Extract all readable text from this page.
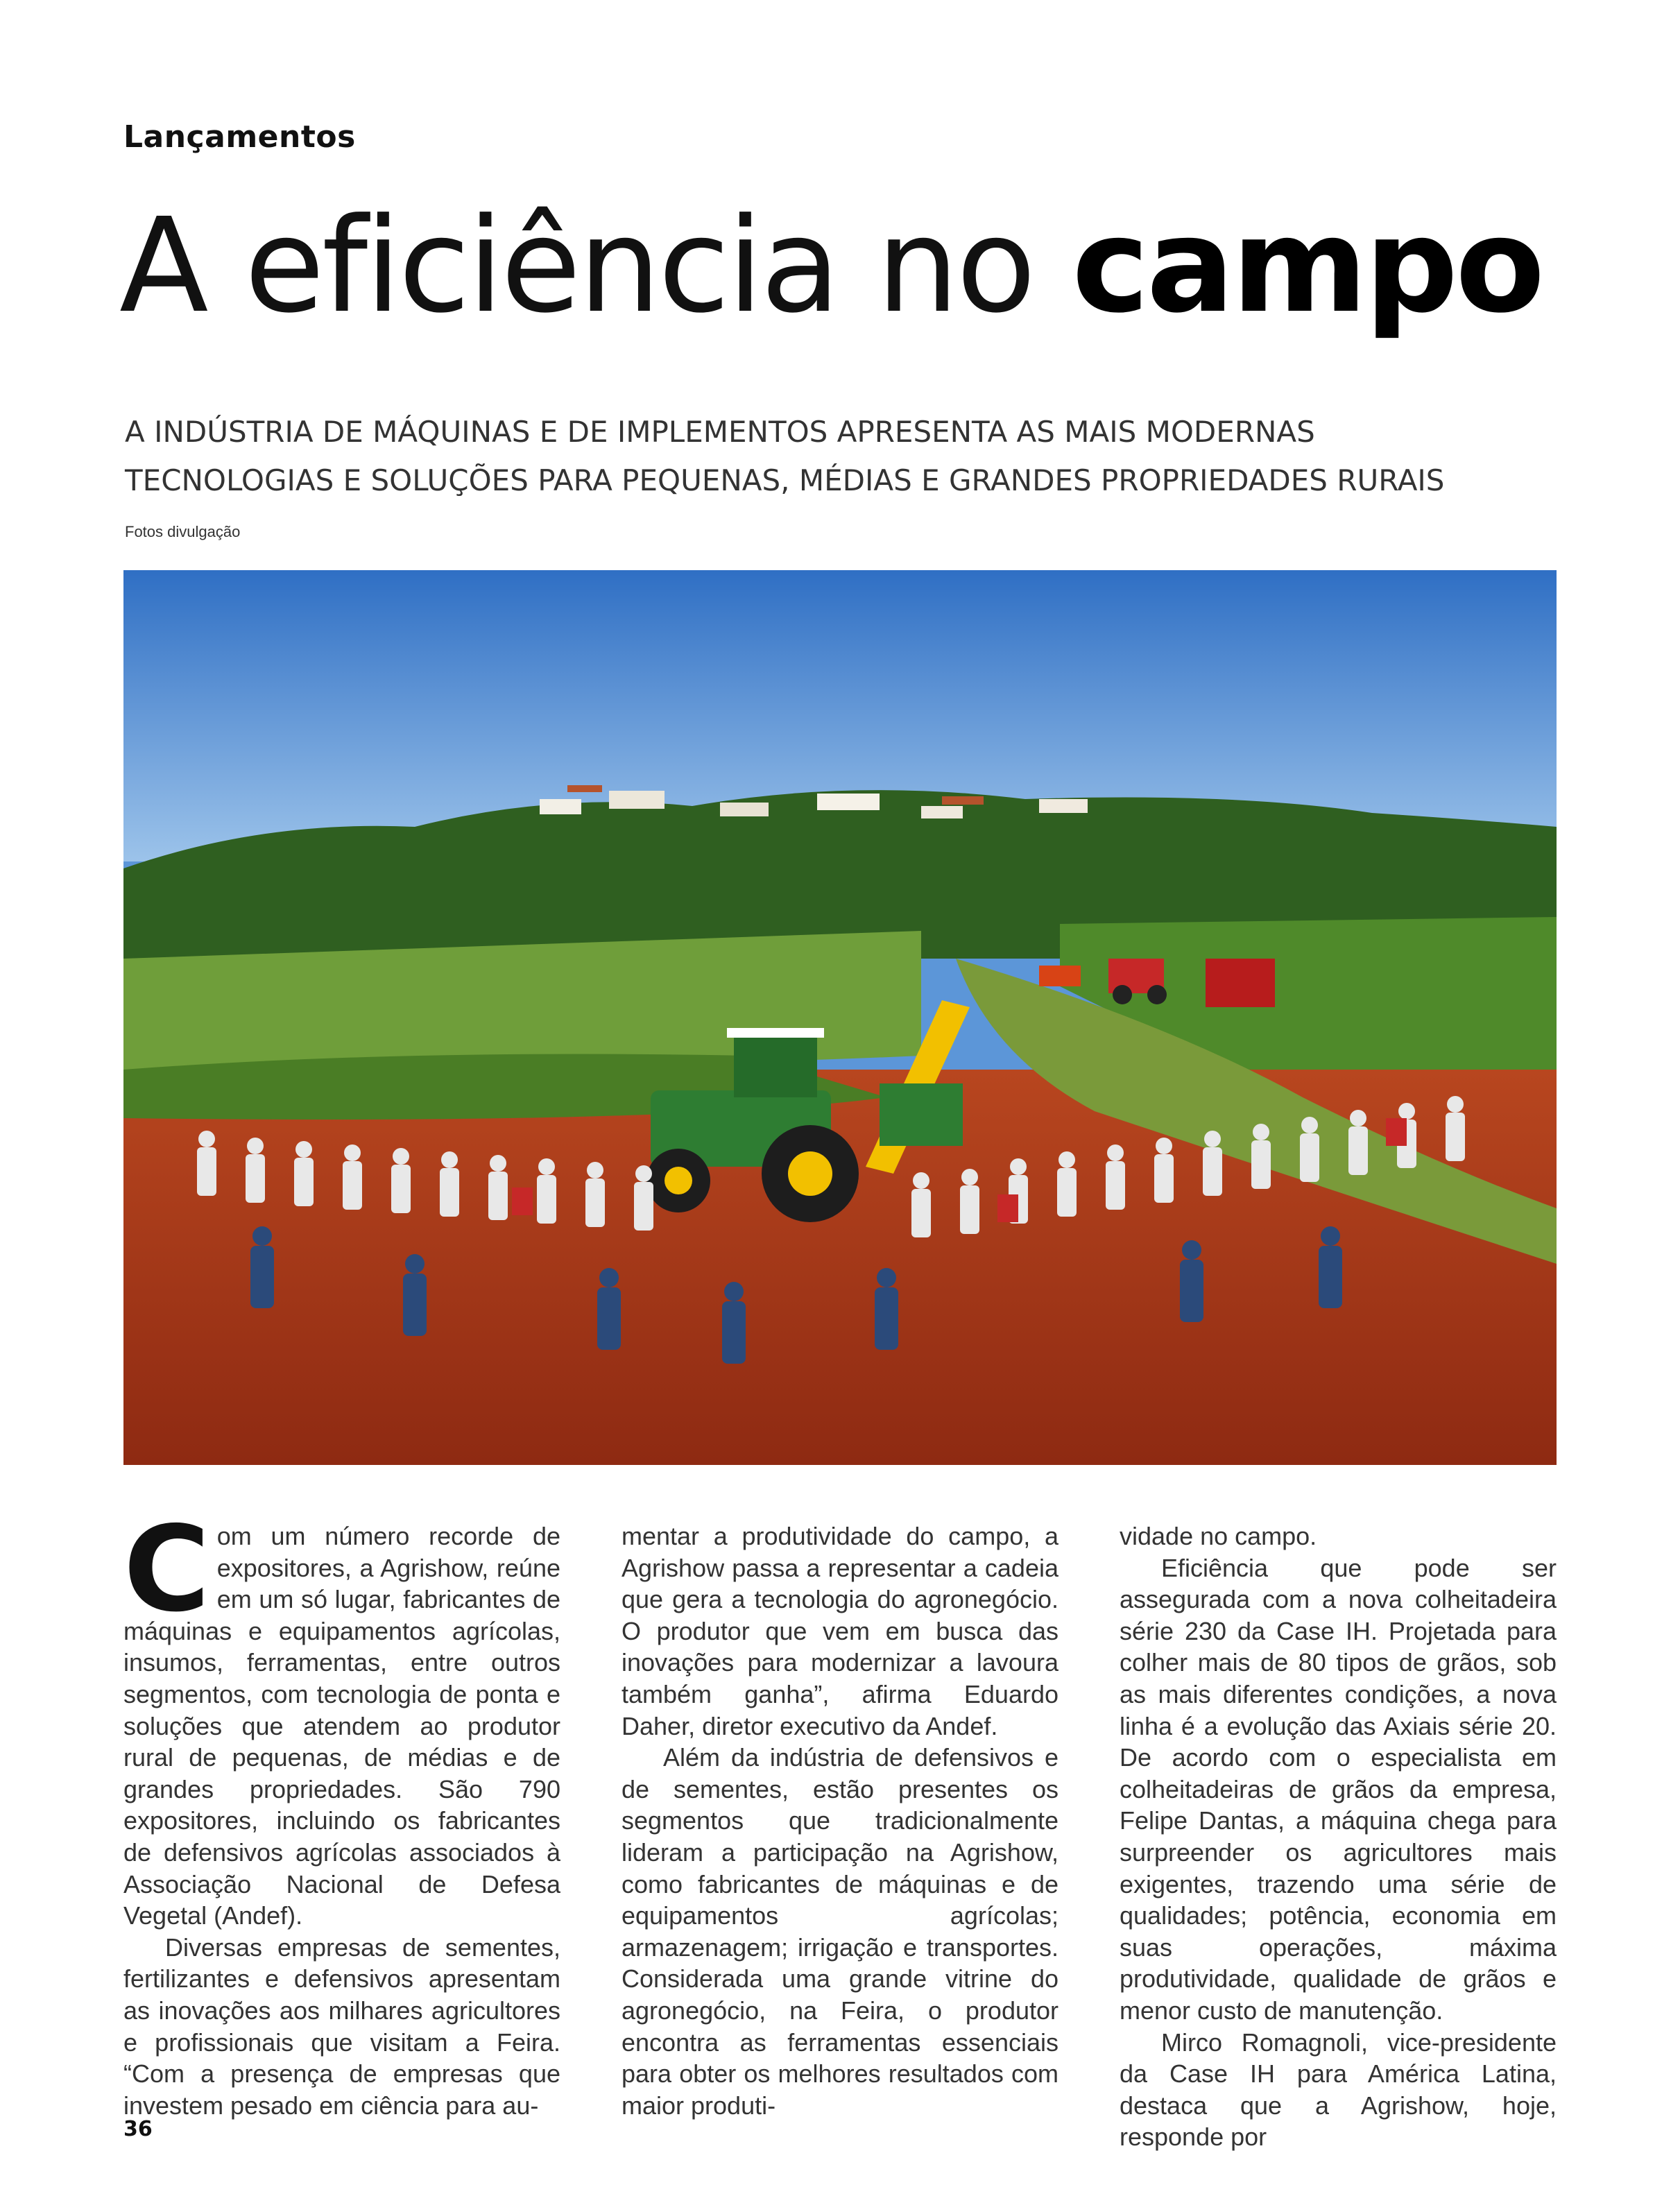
Lançamentos
A eficiência no campo
A INDÚSTRIA DE MÁQUINAS E DE IMPLEMENTOS APRESENTA AS MAIS MODERNAS
TECNOLOGIAS E SOLUÇÕES PARA PEQUENAS, MÉDIAS E GRANDES PROPRIEDADES RURAIS
Fotos divulgação

Com um número recorde de expositores, a Agrishow, reúne em um só lugar, fabricantes de máquinas e equipamentos agrícolas, insumos, ferramentas, entre outros segmentos, com tecnologia de ponta e soluções que atendem ao produtor rural de pequenas, de médias e de grandes propriedades. São 790 expositores, incluindo os fabricantes de defensivos agrícolas associados à Associação Nacional de Defesa Vegetal (Andef).

Diversas empresas de sementes, fertilizantes e defensivos apresentam as inovações aos milhares agricultores e profissionais que visitam a Feira. “Com a presença de empresas que investem pesado em ciência para au-

mentar a produtividade do campo, a Agrishow passa a representar a cadeia que gera a tecnologia do agronegócio. O produtor que vem em busca das inovações para modernizar a lavoura também ganha”, afirma Eduardo Daher, diretor executivo da Andef.

Além da indústria de defensivos e de sementes, estão presentes os segmentos que tradicionalmente lideram a participação na Agrishow, como fabricantes de máquinas e de equipamentos agrícolas; armazenagem; irrigação e transportes. Considerada uma grande vitrine do agronegócio, na Feira, o produtor encontra as ferramentas essenciais para obter os melhores resultados com maior produti-

vidade no campo.

Eficiência que pode ser assegurada com a nova colheitadeira série 230 da Case IH. Projetada para colher mais de 80 tipos de grãos, sob as mais diferentes condições, a nova linha é a evolução das Axiais série 20. De acordo com o especialista em colheitadeiras de grãos da empresa, Felipe Dantas, a máquina chega para surpreender os agricultores mais exigentes, trazendo uma série de qualidades; potência, economia em suas operações, máxima produtividade, qualidade de grãos e menor custo de manutenção.

Mirco Romagnoli, vice-presidente da Case IH para América Latina, destaca que a Agrishow, hoje, responde por

36
